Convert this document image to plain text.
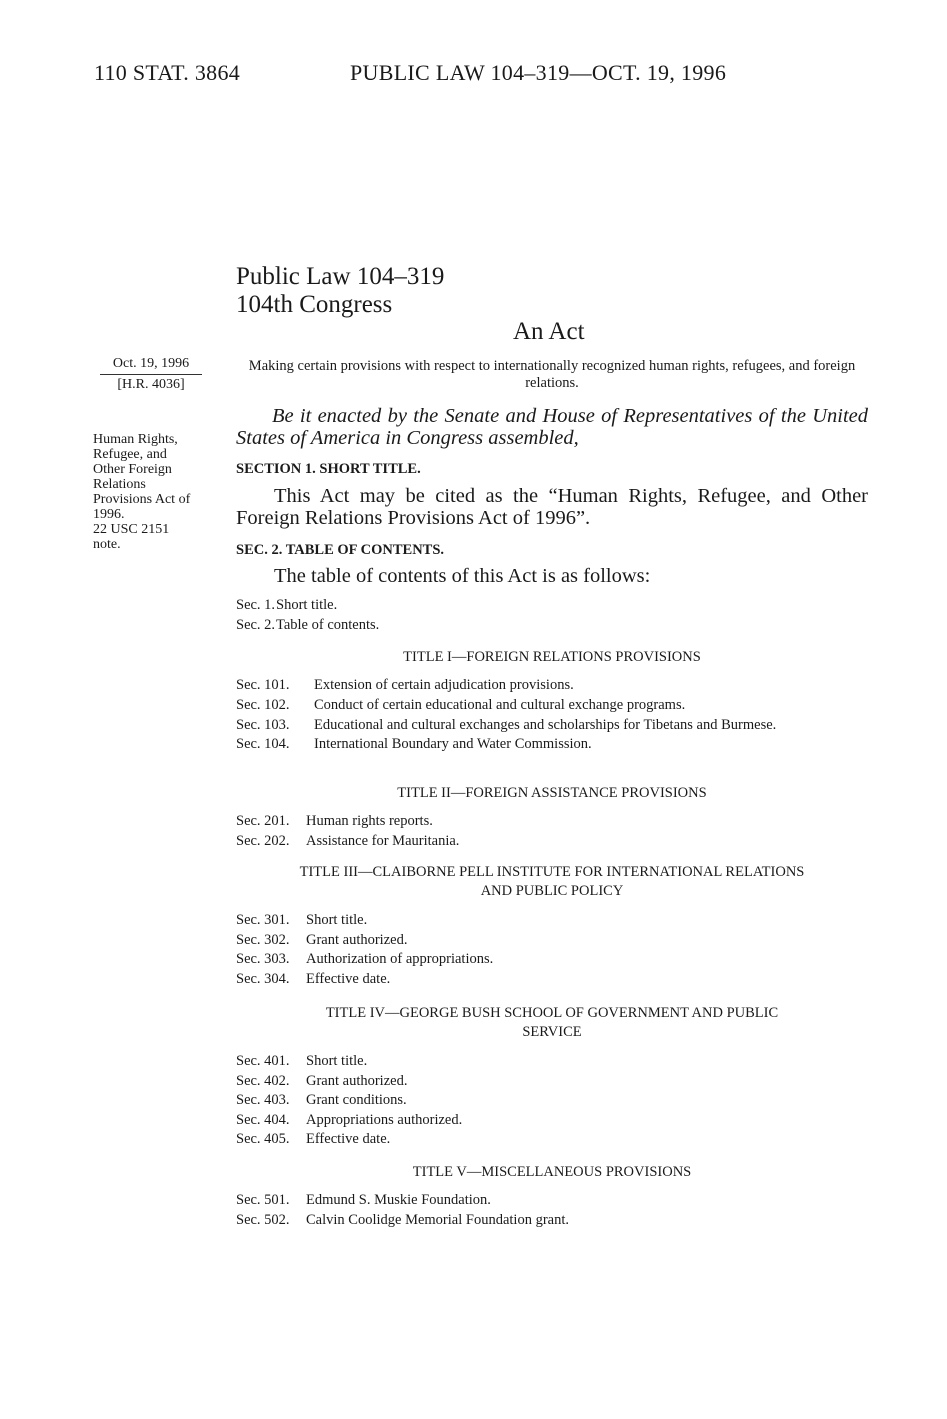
110 STAT. 3864	PUBLIC LAW 104–319—OCT. 19, 1996
Public Law 104–319
104th Congress
An Act
Oct. 19, 1996
[H.R. 4036]
Making certain provisions with respect to internationally recognized human rights, refugees, and foreign relations.
Human Rights,
Refugee, and
Other Foreign
Relations
Provisions Act of
1996.
22 USC 2151
note.
Be it enacted by the Senate and House of Representatives of the United States of America in Congress assembled,
SECTION 1. SHORT TITLE.
This Act may be cited as the “Human Rights, Refugee, and Other Foreign Relations Provisions Act of 1996”.
SEC. 2. TABLE OF CONTENTS.
The table of contents of this Act is as follows:
Sec. 1. Short title.
Sec. 2. Table of contents.
TITLE I—FOREIGN RELATIONS PROVISIONS
Sec. 101.	Extension of certain adjudication provisions.
Sec. 102.	Conduct of certain educational and cultural exchange programs.
Sec. 103.	Educational and cultural exchanges and scholarships for Tibetans and Burmese.
Sec. 104.	International Boundary and Water Commission.
TITLE II—FOREIGN ASSISTANCE PROVISIONS
Sec. 201.	Human rights reports.
Sec. 202.	Assistance for Mauritania.
TITLE III—CLAIBORNE PELL INSTITUTE FOR INTERNATIONAL RELATIONS
AND PUBLIC POLICY
Sec. 301.	Short title.
Sec. 302.	Grant authorized.
Sec. 303.	Authorization of appropriations.
Sec. 304.	Effective date.
TITLE IV—GEORGE BUSH SCHOOL OF GOVERNMENT AND PUBLIC
SERVICE
Sec. 401.	Short title.
Sec. 402.	Grant authorized.
Sec. 403.	Grant conditions.
Sec. 404.	Appropriations authorized.
Sec. 405.	Effective date.
TITLE V—MISCELLANEOUS PROVISIONS
Sec. 501.	Edmund S. Muskie Foundation.
Sec. 502.	Calvin Coolidge Memorial Foundation grant.
